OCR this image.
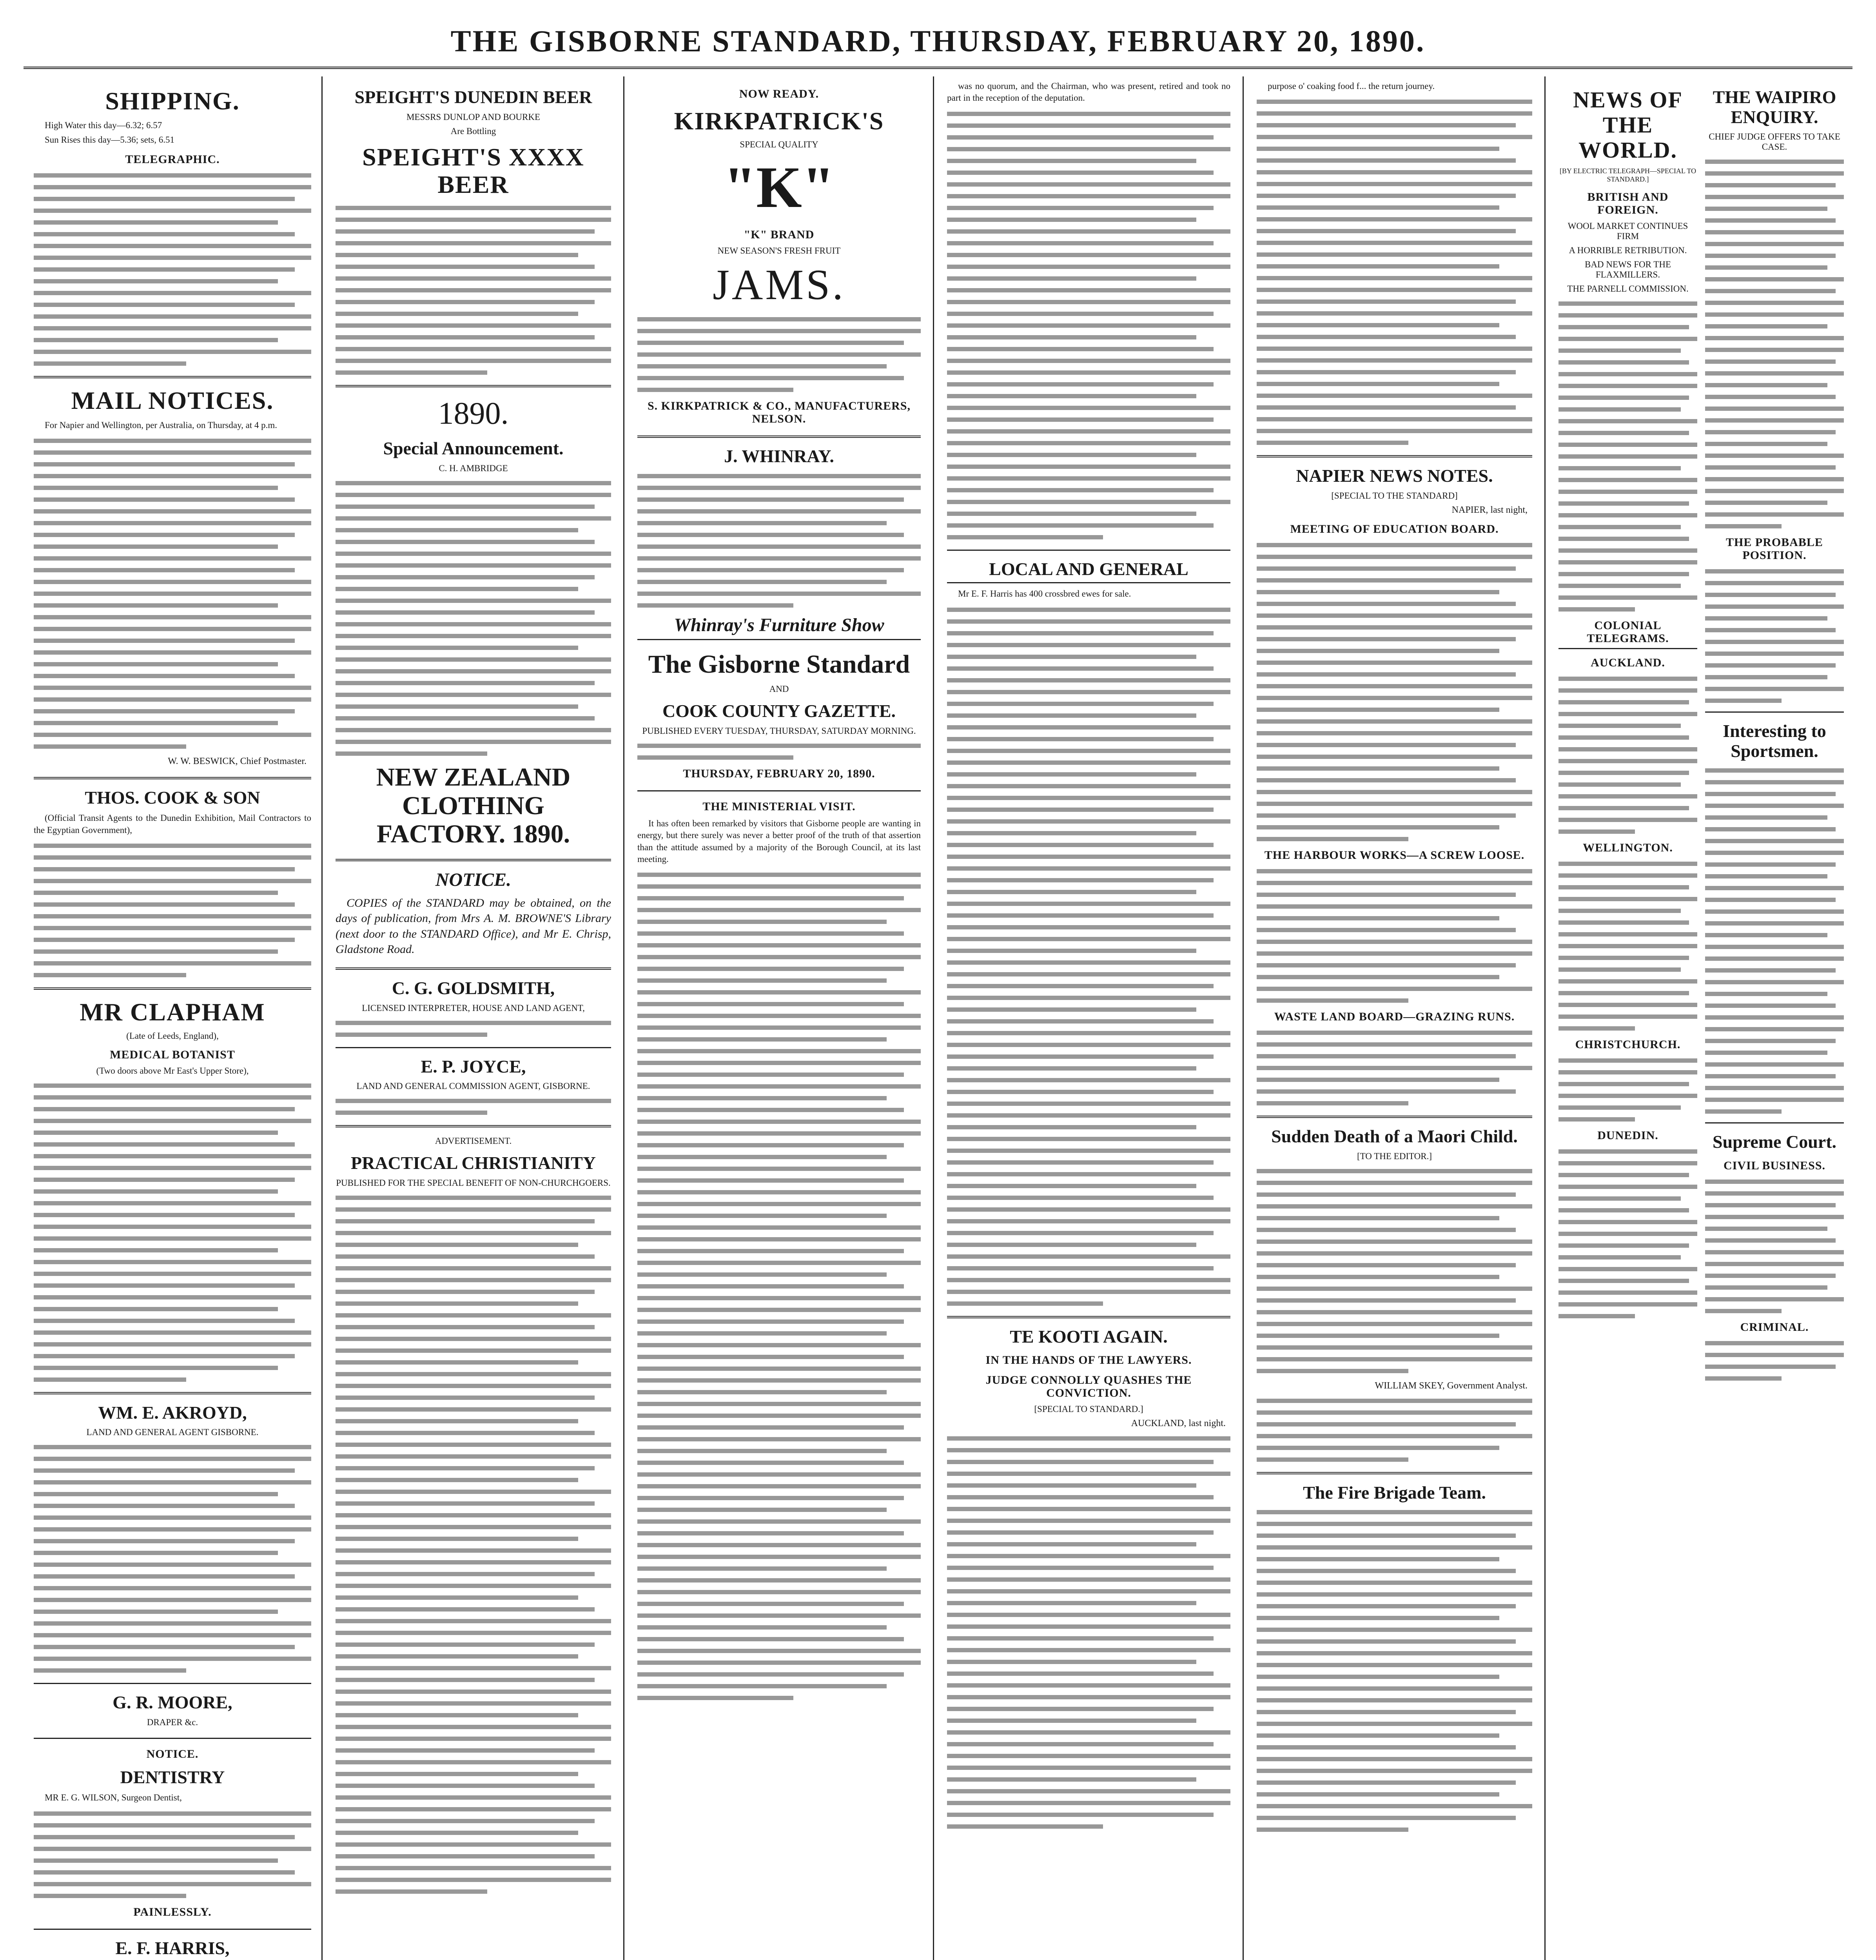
THE GISBORNE STANDARD, THURSDAY, FEBRUARY 20, 1890.
SHIPPING.

High Water this day—6.32; 6.57

Sun Rises this day—5.36; sets, 6.51

TELEGRAPHIC.
MAIL NOTICES.

For Napier and Wellington, per Australia, on Thursday, at 4 p.m.

W. W. BESWICK, Chief Postmaster.
THOS. COOK & SON

(Official Transit Agents to the Dunedin Exhibition, Mail Contractors to the Egyptian Government),

MR CLAPHAM
(Late of Leeds, England),
MEDICAL BOTANIST
(Two doors above Mr East's Upper Store),
WM. E. AKROYD,
LAND AND GENERAL AGENT GISBORNE.
G. R. MOORE,
DRAPER &c.
NOTICE.
DENTISTRY

MR E. G. WILSON, Surgeon Dentist,

PAINLESSLY.
E. F. HARRIS,
SPEIGHT'S DUNEDIN BEER
MESSRS DUNLOP AND BOURKE
Are Bottling
SPEIGHT'S XXXX BEER
1890.
Special Announcement.
C. H. AMBRIDGE
NEW ZEALAND CLOTHING FACTORY. 1890.
NOTICE.

COPIES of the STANDARD may be obtained, on the days of publication, from Mrs A. M. BROWNE'S Library (next door to the STANDARD Office), and Mr E. Chrisp, Gladstone Road.

C. G. GOLDSMITH,
LICENSED INTERPRETER, HOUSE AND LAND AGENT,
E. P. JOYCE,
LAND AND GENERAL COMMISSION AGENT, GISBORNE.
ADVERTISEMENT.
PRACTICAL CHRISTIANITY
PUBLISHED FOR THE SPECIAL BENEFIT OF NON-CHURCHGOERS.
NOW READY.
KIRKPATRICK'S
SPECIAL QUALITY
"K"
"K" BRAND
NEW SEASON'S FRESH FRUIT
JAMS.
S. KIRKPATRICK & CO., MANUFACTURERS, NELSON.
J. WHINRAY.
Whinray's Furniture Show
The Gisborne Standard
AND
COOK COUNTY GAZETTE.
PUBLISHED EVERY TUESDAY, THURSDAY, SATURDAY MORNING.
THURSDAY, FEBRUARY 20, 1890.
THE MINISTERIAL VISIT.

It has often been remarked by visitors that Gisborne people are wanting in energy, but there surely was never a better proof of the truth of that assertion than the attitude assumed by a majority of the Borough Council, at its last meeting.

was no quorum, and the Chairman, who was present, retired and took no part in the reception of the deputation.

LOCAL AND GENERAL

Mr E. F. Harris has 400 crossbred ewes for sale.

TE KOOTI AGAIN.
IN THE HANDS OF THE LAWYERS.
JUDGE CONNOLLY QUASHES THE CONVICTION.
[SPECIAL TO STANDARD.]
AUCKLAND, last night.

purpose o' coaking food f... the return journey.

NAPIER NEWS NOTES.
[SPECIAL TO THE STANDARD]
NAPIER, last night,
MEETING OF EDUCATION BOARD.
THE HARBOUR WORKS—A SCREW LOOSE.
WASTE LAND BOARD—GRAZING RUNS.
Sudden Death of a Maori Child.
[TO THE EDITOR.]
WILLIAM SKEY, Government Analyst.
The Fire Brigade Team.
NEWS OF THE WORLD.
[BY ELECTRIC TELEGRAPH—SPECIAL TO STANDARD.]
BRITISH AND FOREIGN.
WOOL MARKET CONTINUES FIRM
A HORRIBLE RETRIBUTION.
BAD NEWS FOR THE FLAXMILLERS.
THE PARNELL COMMISSION.
COLONIAL TELEGRAMS.
AUCKLAND.
WELLINGTON.
CHRISTCHURCH.
DUNEDIN.
THE WAIPIRO ENQUIRY.
CHIEF JUDGE OFFERS TO TAKE CASE.
THE PROBABLE POSITION.
Interesting to Sportsmen.
Supreme Court.
CIVIL BUSINESS.
CRIMINAL.
